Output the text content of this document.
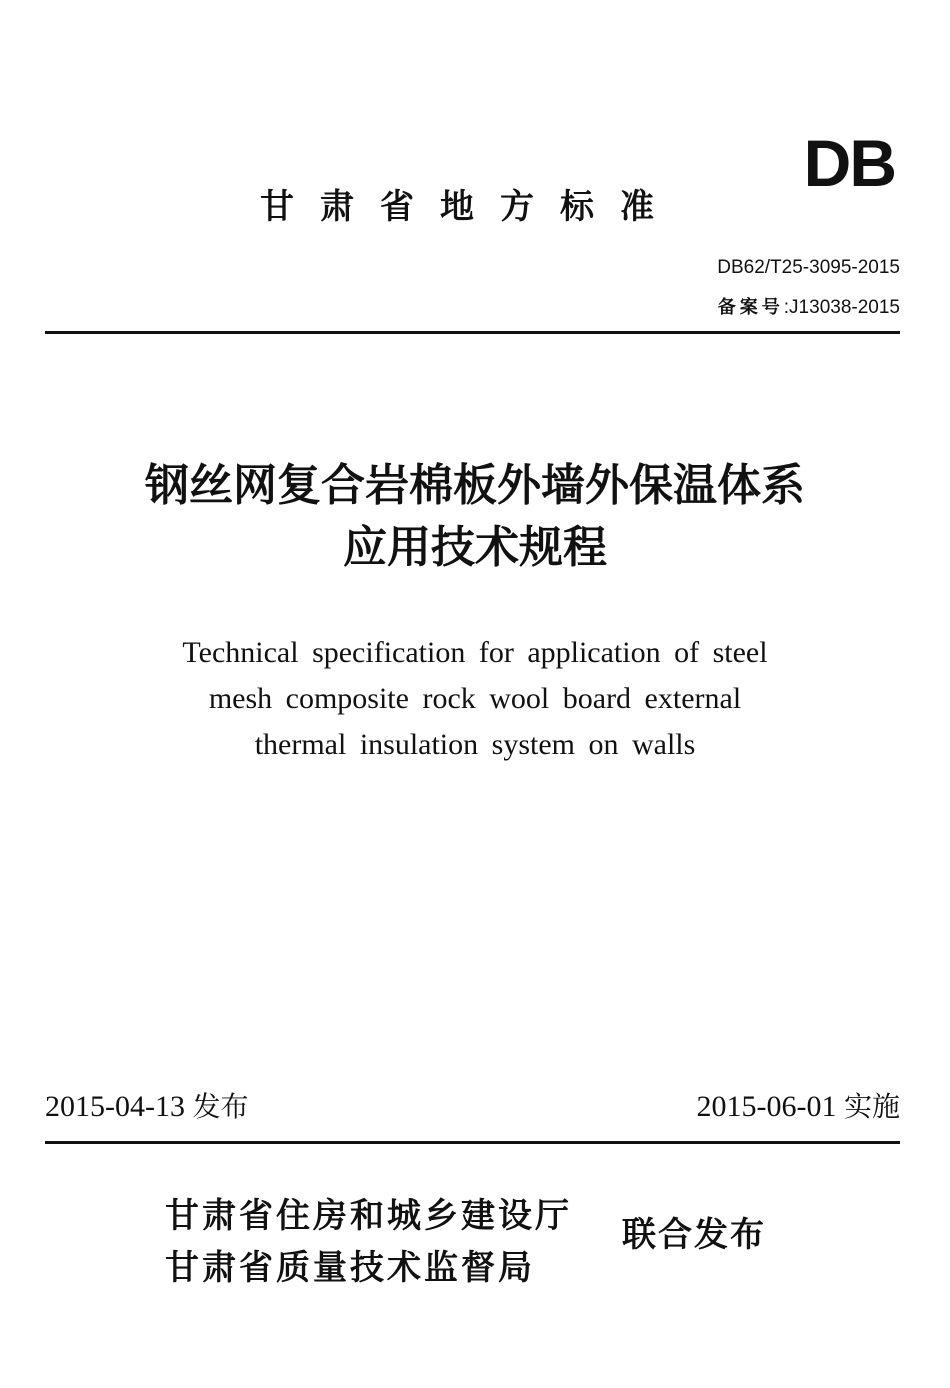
DB
甘肃省地方标准
DB62/T25-3095-2015
备案号:J13038-2015
钢丝网复合岩棉板外墙外保温体系
应用技术规程
Technical specification for application of steel
mesh composite rock wool board external
thermal insulation system on walls
2015-04-13 发布	2015-06-01 实施
甘肃省住房和城乡建设厅
甘肃省质量技术监督局
联合发布
